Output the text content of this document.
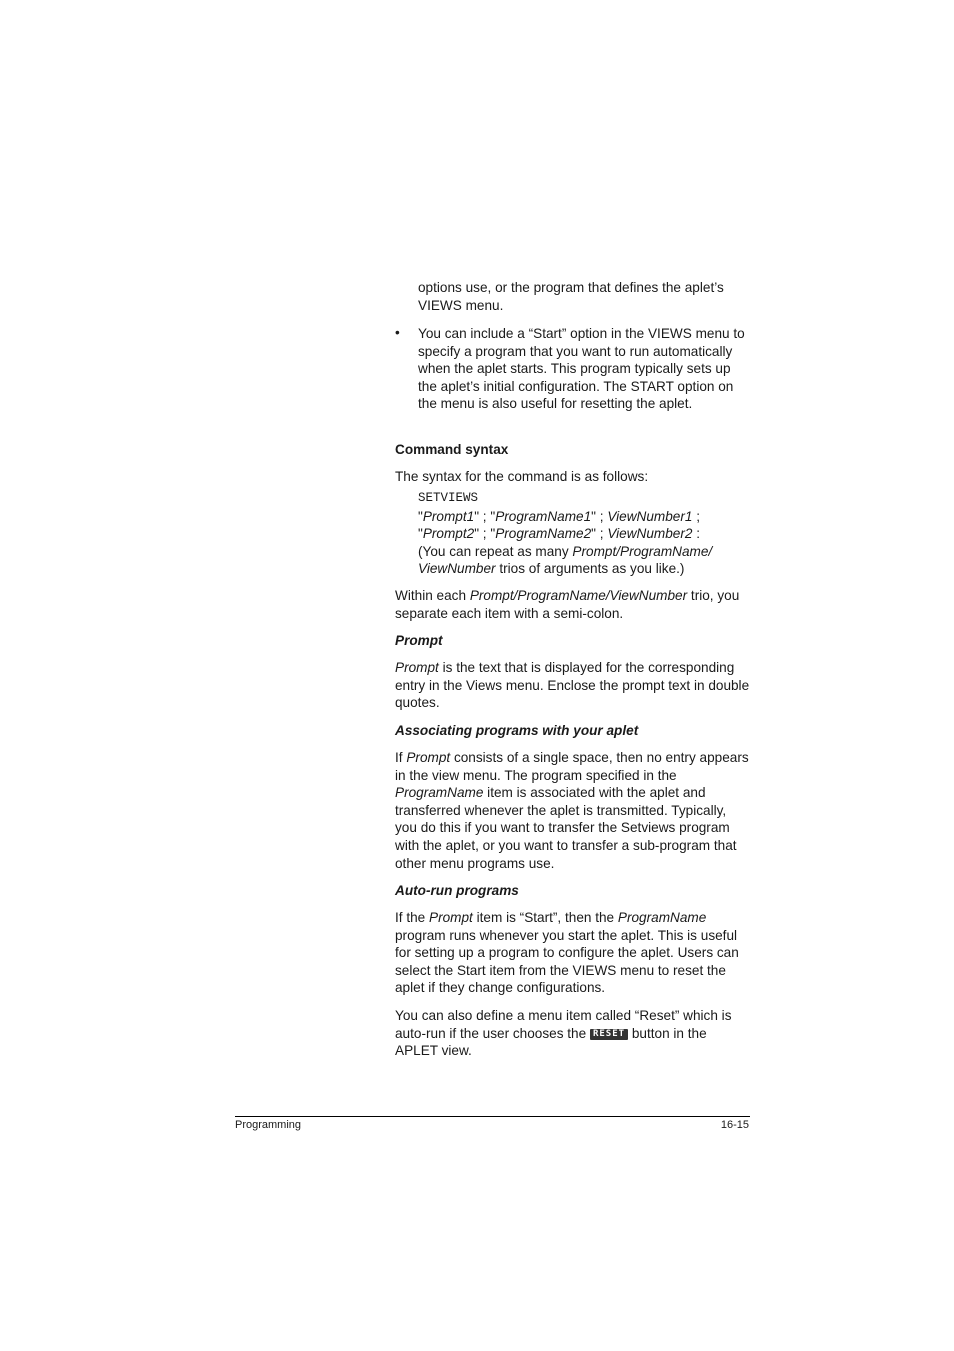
options use, or the program that defines the aplet’s VIEWS menu.

• You can include a “Start” option in the VIEWS menu to specify a program that you want to run automatically when the aplet starts. This program typically sets up the aplet’s initial configuration. The START option on the menu is also useful for resetting the aplet.

Command syntax

The syntax for the command is as follows:

SETVIEWS
"Prompt1" ; "ProgramName1" ; ViewNumber1 ;
"Prompt2" ; "ProgramName2" ; ViewNumber2 :
(You can repeat as many Prompt/ProgramName/ ViewNumber trios of arguments as you like.)

Within each Prompt/ProgramName/ViewNumber trio, you separate each item with a semi-colon.

Prompt

Prompt is the text that is displayed for the corresponding entry in the Views menu. Enclose the prompt text in double quotes.

Associating programs with your aplet

If Prompt consists of a single space, then no entry appears in the view menu. The program specified in the ProgramName item is associated with the aplet and transferred whenever the aplet is transmitted. Typically, you do this if you want to transfer the Setviews program with the aplet, or you want to transfer a sub-program that other menu programs use.

Auto-run programs

If the Prompt item is “Start”, then the ProgramName program runs whenever you start the aplet. This is useful for setting up a program to configure the aplet. Users can select the Start item from the VIEWS menu to reset the aplet if they change configurations.

You can also define a menu item called “Reset” which is auto-run if the user chooses the RESET button in the APLET view.

Programming	16-15
